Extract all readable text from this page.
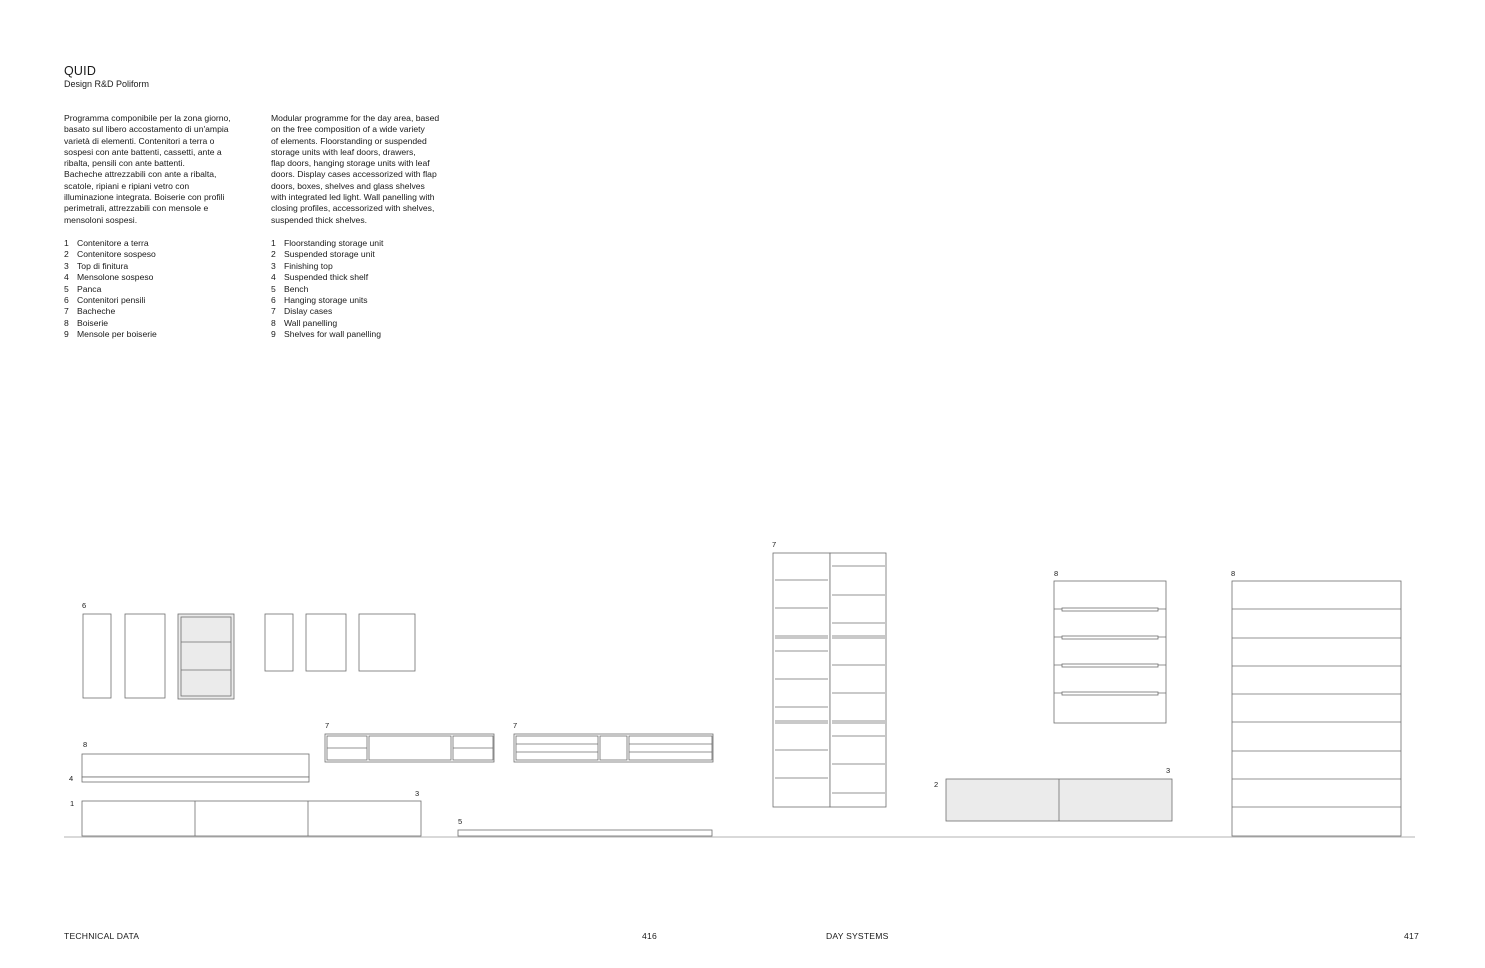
QUID
Design R&D Poliform
Programma componibile per la zona giorno,
basato sul libero accostamento di un'ampia
varietà di elementi. Contenitori a terra o
sospesi con ante battenti, cassetti, ante a
ribalta, pensili con ante battenti.
Bacheche attrezzabili con ante a ribalta,
scatole, ripiani e ripiani vetro con
illuminazione integrata. Boiserie con profili
perimetrali, attrezzabili con mensole e
mensoloni sospesi.
1 Contenitore a terra
2 Contenitore sospeso
3 Top di finitura
4 Mensolone sospeso
5 Panca
6 Contenitori pensili
7 Bacheche
8 Boiserie
9 Mensole per boiserie
Modular programme for the day area, based
on the free composition of a wide variety
of elements. Floorstanding or suspended
storage units with leaf doors, drawers,
flap doors, hanging storage units with leaf
doors. Display cases accessorized with flap
doors, boxes, shelves and glass shelves
with integrated led light. Wall panelling with
closing profiles, accessorized with shelves,
suspended thick shelves.
1 Floorstanding storage unit
2 Suspended storage unit
3 Finishing top
4 Suspended thick shelf
5 Bench
6 Hanging storage units
7 Dislay cases
8 Wall panelling
9 Shelves for wall panelling
6
8
4
1
3
7	7
5
7
2
3
8	8
TECHNICAL DATA	416	DAY SYSTEMS	417
